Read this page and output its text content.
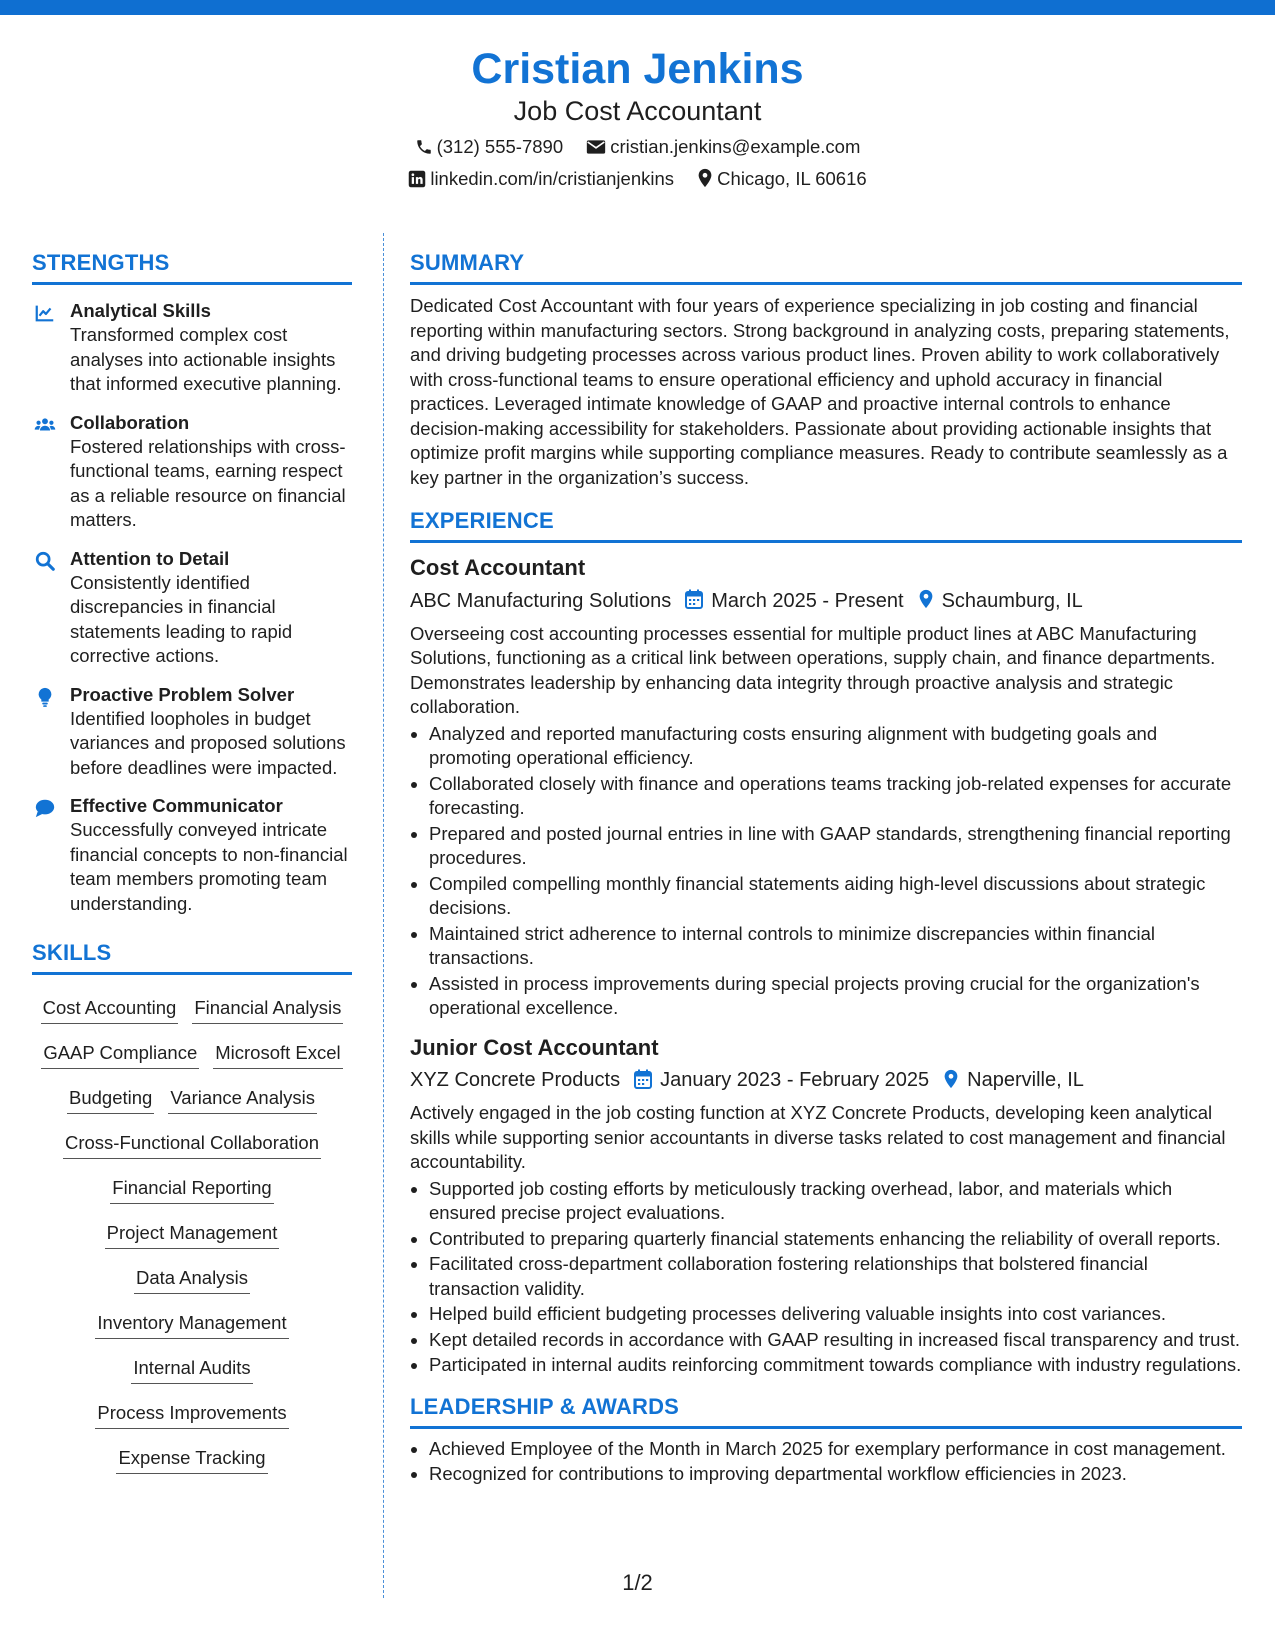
Cristian Jenkins
Job Cost Accountant
(312) 555-7890	cristian.jenkins@example.com
linkedin.com/in/cristianjenkins Chicago, IL 60616
STRENGTHS
Analytical Skills
Transformed complex cost analyses into actionable insights that informed executive planning.
Collaboration
Fostered relationships with cross-functional teams, earning respect as a reliable resource on financial matters.
Attention to Detail
Consistently identified discrepancies in financial statements leading to rapid corrective actions.
Proactive Problem Solver
Identified loopholes in budget variances and proposed solutions before deadlines were impacted.
Effective Communicator
Successfully conveyed intricate financial concepts to non-financial team members promoting team understanding.
SKILLS
Cost Accounting Financial Analysis GAAP Compliance Microsoft Excel Budgeting Variance Analysis Cross-Functional Collaboration Financial Reporting Project Management Data Analysis Inventory Management Internal Audits Process Improvements Expense Tracking
SUMMARY

Dedicated Cost Accountant with four years of experience specializing in job costing and financial reporting within manufacturing sectors. Strong background in analyzing costs, preparing statements, and driving budgeting processes across various product lines. Proven ability to work collaboratively with cross-functional teams to ensure operational efficiency and uphold accuracy in financial practices. Leveraged intimate knowledge of GAAP and proactive internal controls to enhance decision-making accessibility for stakeholders. Passionate about providing actionable insights that optimize profit margins while supporting compliance measures. Ready to contribute seamlessly as a key partner in the organization’s success.

EXPERIENCE
Cost Accountant
ABC Manufacturing Solutions March 2025 - Present Schaumburg, IL

Overseeing cost accounting processes essential for multiple product lines at ABC Manufacturing Solutions, functioning as a critical link between operations, supply chain, and finance departments. Demonstrates leadership by enhancing data integrity through proactive analysis and strategic collaboration.

• Analyzed and reported manufacturing costs ensuring alignment with budgeting goals and promoting operational efficiency.
• Collaborated closely with finance and operations teams tracking job-related expenses for accurate forecasting.
• Prepared and posted journal entries in line with GAAP standards, strengthening financial reporting procedures.
• Compiled compelling monthly financial statements aiding high-level discussions about strategic decisions.
• Maintained strict adherence to internal controls to minimize discrepancies within financial transactions.
• Assisted in process improvements during special projects proving crucial for the organization's operational excellence.
Junior Cost Accountant
XYZ Concrete Products January 2023 - February 2025 Naperville, IL

Actively engaged in the job costing function at XYZ Concrete Products, developing keen analytical skills while supporting senior accountants in diverse tasks related to cost management and financial accountability.

• Supported job costing efforts by meticulously tracking overhead, labor, and materials which ensured precise project evaluations.
• Contributed to preparing quarterly financial statements enhancing the reliability of overall reports.
• Facilitated cross-department collaboration fostering relationships that bolstered financial transaction validity.
• Helped build efficient budgeting processes delivering valuable insights into cost variances.
• Kept detailed records in accordance with GAAP resulting in increased fiscal transparency and trust.
• Participated in internal audits reinforcing commitment towards compliance with industry regulations.
LEADERSHIP & AWARDS
• Achieved Employee of the Month in March 2025 for exemplary performance in cost management.
• Recognized for contributions to improving departmental workflow efficiencies in 2023.
1/2
